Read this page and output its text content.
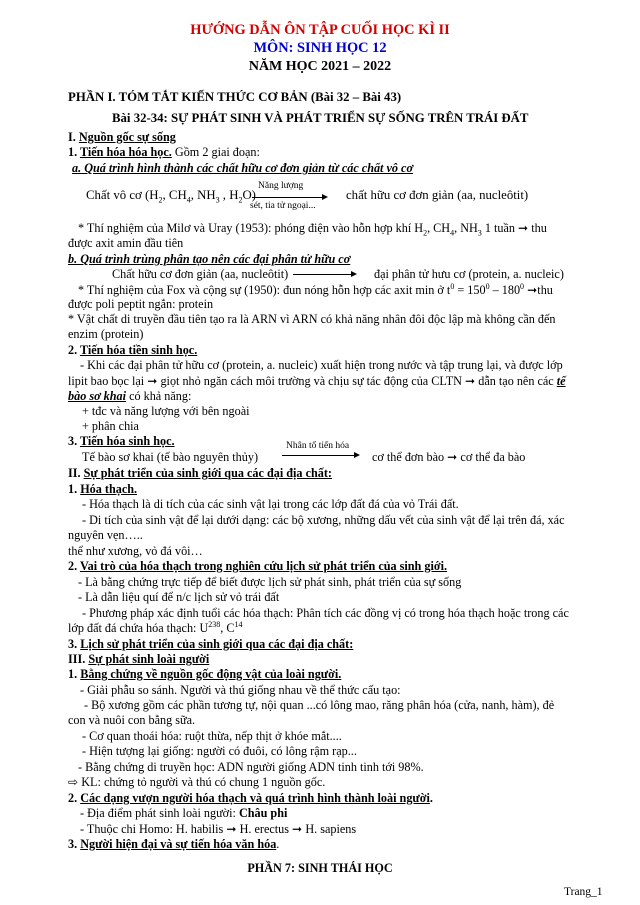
HƯỚNG DẪN ÔN TẬP CUỐI HỌC KÌ II
MÔN: SINH HỌC 12
NĂM HỌC 2021 – 2022
PHẦN I. TÓM TẮT KIẾN THỨC CƠ BẢN (Bài 32 – Bài 43)
Bài 32-34: SỰ PHÁT SINH VÀ PHÁT TRIỂN SỰ SỐNG TRÊN TRÁI ĐẤT
I. Nguồn gốc sự sống
1. Tiến hóa hóa học. Gồm 2 giai đoạn:
a. Quá trình hình thành các chất hữu cơ đơn giản từ các chất vô cơ
Chất vô cơ ($H_2$, $CH_4$, $NH_3$ , $H_2O$)
Năng lượng
sét, tia tử ngoại...
chất hữu cơ đơn giản (aa, nucleôtit)
* Thí nghiệm của Milơ và Uray (1953): phóng điện vào hỗn hợp khí $H_2$, $CH_4$, $NH_3$ 1 tuần ➞ thu
được axit amin đầu tiên
b. Quá trình trùng phân tạo nên các đại phân tử hữu cơ
Chất hữu cơ đơn giản (aa, nucleôtit)	đại phân tử hưu cơ (protein, a. nucleic)
* Thí nghiệm của Fox và cộng sự (1950): đun nóng hỗn hợp các axit min ở $t^0 = 150^0 - 180^0$ ➞thu
được poli peptit ngắn: protein
* Vật chất di truyền đầu tiên tạo ra là ARN vì ARN có khả năng nhân đôi độc lập mà không cần đến
enzim (protein)
2. Tiến hóa tiền sinh học.
- Khi các đại phân tử hữu cơ (protein, a. nucleic) xuất hiện trong nước và tập trung lại, và được lớp
lipit bao bọc lại ➞ giọt nhỏ ngăn cách môi trường và chịu sự tác động của CLTN ➞ dẫn tạo nên các tế
bào sơ khai có khả năng:
+ tđc và năng lượng với bên ngoài
+ phân chia
3. Tiến hóa sinh học.
Tế bào sơ khai (tế bào nguyên thủy)
Nhân tố tiến hóa
cơ thể đơn bào ➞ cơ thể đa bào
II. Sự phát triển của sinh giới qua các đại địa chất:
1. Hóa thạch.
- Hóa thạch là di tích của các sinh vật lại trong các lớp đất đá của vỏ Trái đất.
- Di tích của sinh vật để lại dưới dạng: các bộ xương, những dấu vết của sinh vật để lại trên đá, xác
nguyên vẹn…..
thể như xương, vỏ đá vôi…
2. Vai trò của hóa thạch trong nghiên cứu lịch sử phát triển của sinh giới.
- Là bằng chứng trực tiếp để biết được lịch sử phát sinh, phát triển của sự sống
- Là dẫn liệu quí để n/c lịch sử vỏ trái đất
- Phương pháp xác định tuổi các hóa thạch: Phân tích các đồng vị có trong hóa thạch hoặc trong các
lớp đất đá chứa hóa thạch: $U^{238}$, $C^{14}$
3. Lịch sử phát triển của sinh giới qua các đại địa chất:
III. Sự phát sinh loài người
1. Bằng chứng về nguồn gốc động vật của loài người.
- Giải phẫu so sánh. Người và thú giống nhau về thể thức cấu tạo:
- Bộ xương gồm các phần tương tự, nội quan ...có lông mao, răng phân hóa (cửa, nanh, hàm), đẻ
con và nuôi con bằng sữa.
- Cơ quan thoái hóa: ruột thừa, nếp thịt ở khóe mắt....
- Hiện tượng lại giống: người có đuôi, có lông rậm rạp...
- Bằng chứng di truyền học: ADN người giống ADN tinh tinh tới 98%.
⇨ KL: chứng tỏ người và thú có chung 1 nguồn gốc.
2. Các dạng vượn người hóa thạch và quá trình hình thành loài người.
- Địa điểm phát sinh loài người: Châu phi
- Thuộc chi Homo: H. habilis ➞ H. erectus ➞ H. sapiens
3. Người hiện đại và sự tiến hóa văn hóa.
PHẦN 7: SINH THÁI HỌC
Trang_1
